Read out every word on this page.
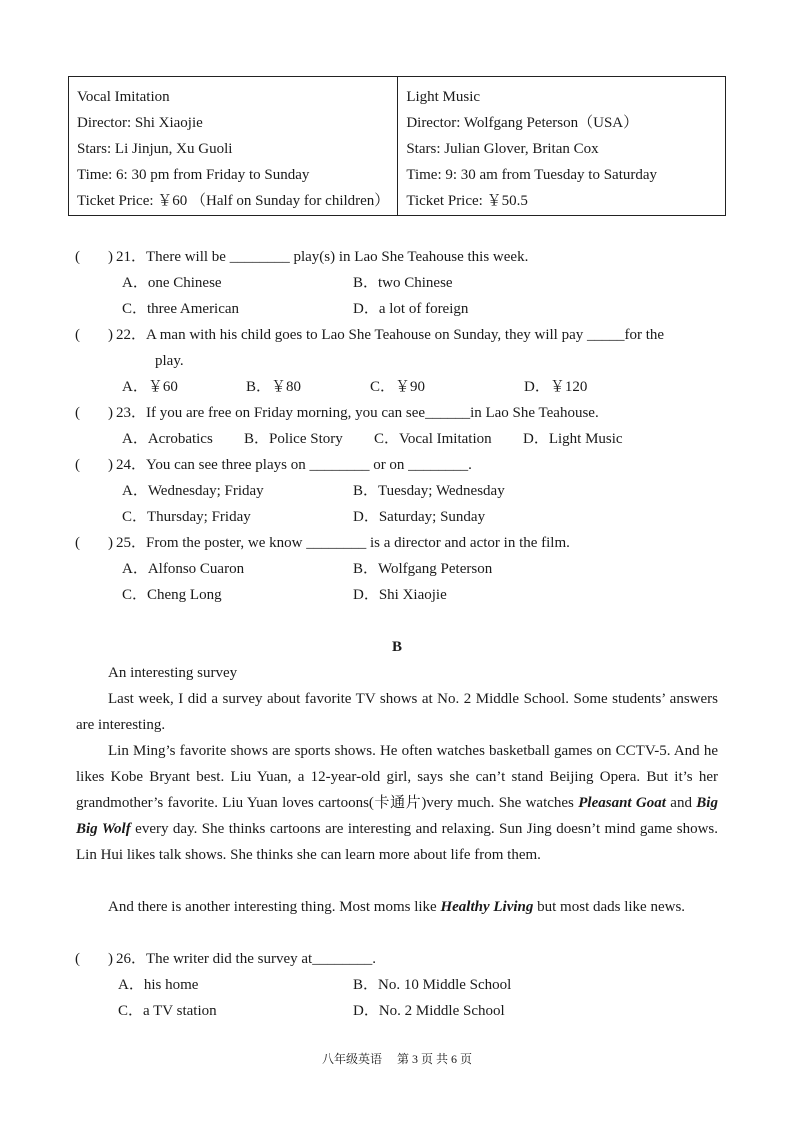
Vocal Imitation
Director: Shi Xiaojie
Stars: Li Jinjun, Xu Guoli
Time: 6: 30 pm from Friday to Sunday
Ticket Price: ￥60 （Half on Sunday for children）
Light Music
Director: Wolfgang Peterson（USA）
Stars: Julian Glover, Britan Cox
Time: 9: 30 am from Tuesday to Saturday
Ticket Price: ￥50.5
( ) 21．There will be ________ play(s) in Lao She Teahouse this week.
A．one Chinese	B．two Chinese
C．three American	D．a lot of foreign
( ) 22．A man with his child goes to Lao She Teahouse on Sunday, they will pay _____for the
play.
A．￥60	B．￥80	C．￥90	D．￥120
( ) 23．If you are free on Friday morning, you can see______in Lao She Teahouse.
A．Acrobatics B．Police Story C．Vocal Imitation D．Light Music
( ) 24．You can see three plays on ________ or on ________.
A．Wednesday; Friday	B．Tuesday; Wednesday
C．Thursday; Friday	D．Saturday; Sunday
( ) 25．From the poster, we know ________ is a director and actor in the film.
A．Alfonso Cuaron	B．Wolfgang Peterson
C．Cheng Long	D．Shi Xiaojie
B
An interesting survey
Last week, I did a survey about favorite TV shows at No. 2 Middle School. Some students’ answers are interesting.
Lin Ming’s favorite shows are sports shows. He often watches basketball games on CCTV-5. And he likes Kobe Bryant best. Liu Yuan, a 12-year-old girl, says she can’t stand Beijing Opera. But it’s her grandmother’s favorite. Liu Yuan loves cartoons(卡通片)very much. She watches Pleasant Goat and Big Big Wolf every day. She thinks cartoons are interesting and relaxing. Sun Jing doesn’t mind game shows. Lin Hui likes talk shows. She thinks she can learn more about life from them.
And there is another interesting thing. Most moms like Healthy Living but most dads like news.
( ) 26．The writer did the survey at________.
A．his home	B．No. 10 Middle School
C．a TV station	D．No. 2 Middle School
八年级英语　 第 3 页 共 6 页
